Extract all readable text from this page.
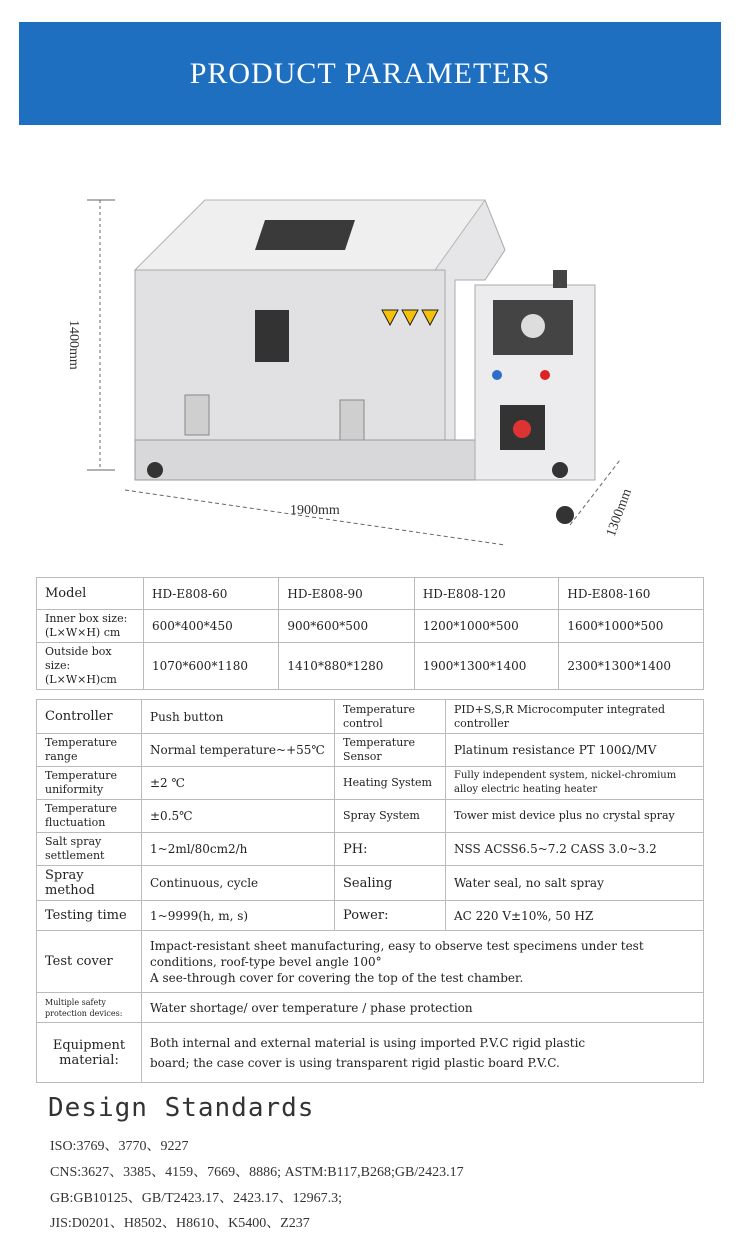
PRODUCT PARAMETERS
1400mm
1900mm	1300mm
Model	HD-E808-60	HD-E808-90	HD-E808-120	HD-E808-160
Inner box size: (L×W×H) cm	600*400*450	900*600*500	1200*1000*500	1600*1000*500
Outside box size: (L×W×H)cm	1070*600*1180	1410*880*1280	1900*1300*1400	2300*1300*1400
Controller	Push button	Temperature control	PID+S,S,R Microcomputer integrated controller
Temperature range	Normal temperature~+55℃	Temperature Sensor	Platinum resistance PT 100Ω/MV
Temperature uniformity	±2 ℃	Heating System	Fully independent system, nickel-chromium alloy electric heating heater
Temperature fluctuation	±0.5℃	Spray System	Tower mist device plus no crystal spray
Salt spray settlement	1~2ml/80cm2/h	PH:	NSS ACSS6.5~7.2 CASS 3.0~3.2
Spray method	Continuous, cycle	Sealing	Water seal, no salt spray
Testing time	1~9999(h, m, s)	Power:	AC 220 V±10%, 50 HZ
Test cover	Impact-resistant sheet manufacturing, easy to observe test specimens under test conditions, roof-type bevel angle 100°
A see-through cover for covering the top of the test chamber.		

Multiple safety protection devices:	Water shortage/ over temperature / phase protection		
Equipment material:	Both internal and external material is using imported P.V.C rigid plastic
board; the case cover is using transparent rigid plastic board P.V.C.		
Design Standards
ISO:3769、3770、9227
CNS:3627、3385、4159、7669、8886; ASTM:B117,B268;GB/2423.17
GB:GB10125、GB/T2423.17、2423.17、12967.3;
JIS:D0201、H8502、H8610、K5400、Z237
